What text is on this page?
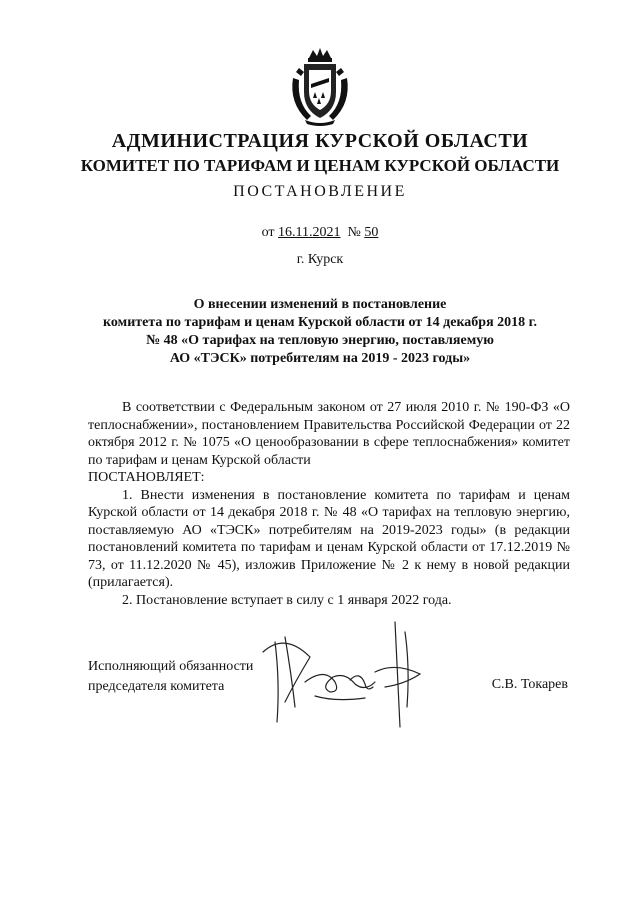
АДМИНИСТРАЦИЯ КУРСКОЙ ОБЛАСТИ
КОМИТЕТ ПО ТАРИФАМ И ЦЕНАМ КУРСКОЙ ОБЛАСТИ
ПОСТАНОВЛЕНИЕ
от 16.11.2021 № 50
г. Курск
О внесении изменений в постановление
комитета по тарифам и ценам Курской области от 14 декабря 2018 г.
№ 48 «О тарифах на тепловую энергию, поставляемую
АО «ТЭСК» потребителям на 2019 - 2023 годы»

В соответствии с Федеральным законом от 27 июля 2010 г. № 190-ФЗ «О теплоснабжении», постановлением Правительства Российской Федерации от 22 октября 2012 г. № 1075 «О ценообразовании в сфере теплоснабжения» комитет по тарифам и ценам Курской области

ПОСТАНОВЛЯЕТ:

1. Внести изменения в постановление комитета по тарифам и ценам Курской области от 14 декабря 2018 г. № 48 «О тарифах на тепловую энергию, поставляемую АО «ТЭСК» потребителям на 2019-2023 годы» (в редакции постановлений комитета по тарифам и ценам Курской области от 17.12.2019 № 73, от 11.12.2020 № 45), изложив Приложение № 2 к нему в новой редакции (прилагается).

2. Постановление вступает в силу с 1 января 2022 года.

Исполняющий обязанности
председателя комитета	С.В. Токарев
